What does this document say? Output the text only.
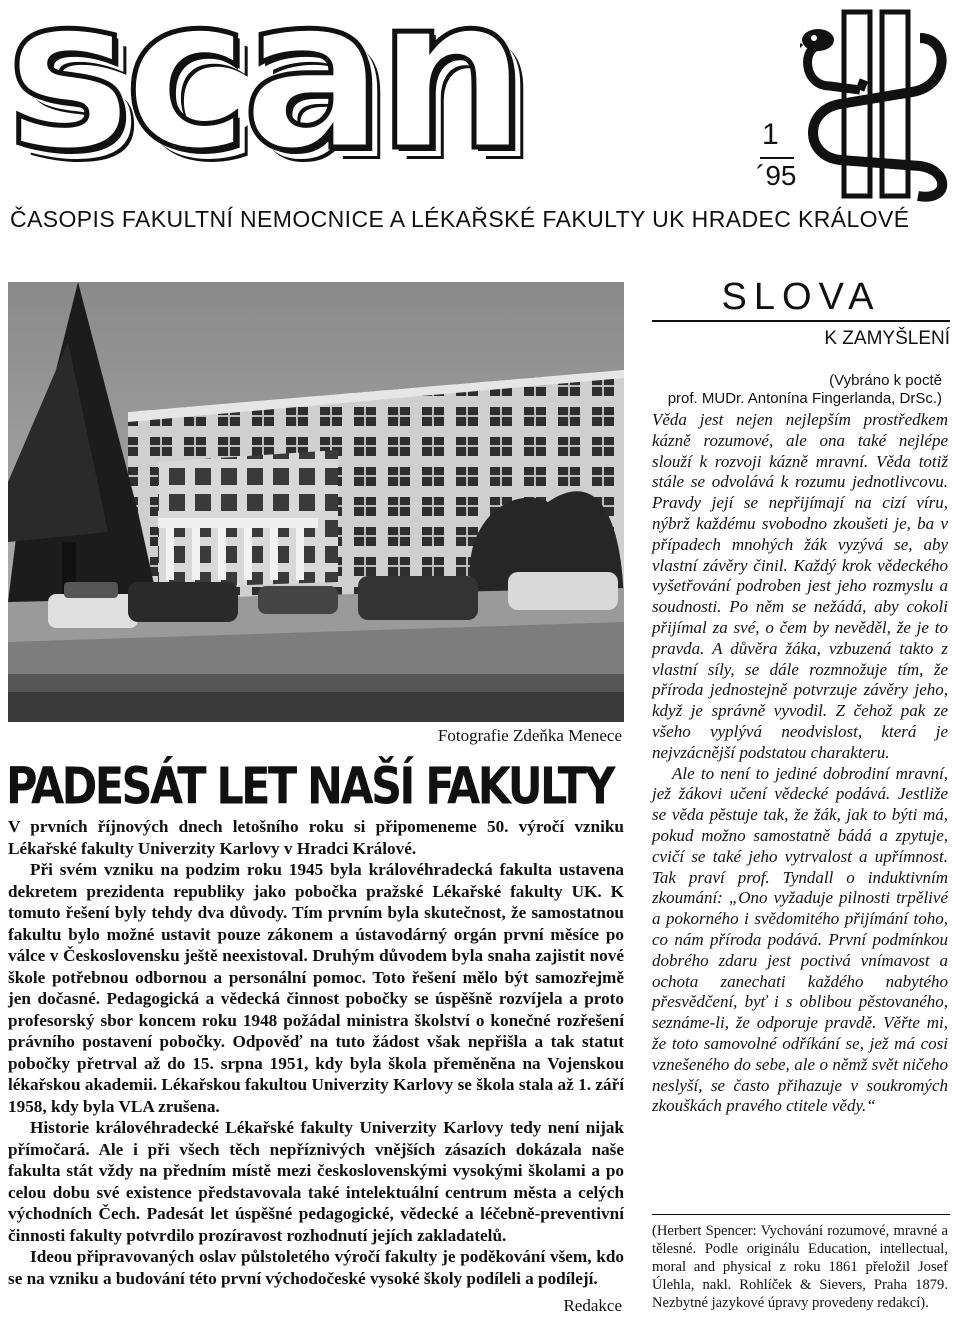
scan	1
´95
ČASOPIS FAKULTNÍ NEMOCNICE A LÉKAŘSKÉ FAKULTY UK HRADEC KRÁLOVÉ
Fotografie Zdeňka Menece
PADESÁT LET NAŠÍ FAKULTY

V prvních říjnových dnech letošního roku si připomeneme 50. výročí vzniku Lékařské fakulty Univerzity Karlovy v Hradci Králové.

Při svém vzniku na podzim roku 1945 byla královéhradecká fakulta ustavena dekretem prezidenta republiky jako pobočka pražské Lékařské fakulty UK. K tomuto řešení byly tehdy dva důvody. Tím prvním byla skutečnost, že samostatnou fakultu bylo možné ustavit pouze zákonem a ústavodárný orgán první měsíce po válce v Československu ještě neexistoval. Druhým důvodem byla snaha zajistit nové škole potřebnou odbornou a personální pomoc. Toto řešení mělo být samozřejmě jen dočasné. Pedagogická a vědecká činnost pobočky se úspěšně rozvíjela a proto profesorský sbor koncem roku 1948 požádal ministra školství o konečné rozřešení právního postavení pobočky. Odpověď na tuto žádost však nepřišla a tak statut pobočky přetrval až do 15. srpna 1951, kdy byla škola přeměněna na Vojenskou lékařskou akademii. Lékařskou fakultou Univerzity Karlovy se škola stala až 1. září 1958, kdy byla VLA zrušena.

Historie královéhradecké Lékařské fakulty Univerzity Karlovy tedy není nijak přímočará. Ale i při všech těch nepříznivých vnějších zásazích dokázala naše fakulta stát vždy na předním místě mezi československými vysokými školami a po celou dobu své existence představovala také intelektuální centrum města a celých východních Čech. Padesát let úspěšné pedagogické, vědecké a léčebně-preventivní činnosti fakulty potvrdilo prozíravost rozhodnutí jejích zakladatelů.

Ideou připravovaných oslav půlstoletého výročí fakulty je poděkování všem, kdo se na vzniku a budování této první východočeské vysoké školy podíleli a podílejí.

Redakce
SLOVA
K ZAMYŠLENÍ
(Vybráno k poctě
prof. MUDr. Antonína Fingerlanda, DrSc.)

Věda jest nejen nejlepším prostředkem kázně rozumové, ale ona také nejlépe slouží k rozvoji kázně mravní. Věda totiž stále se odvolává k rozumu jednotlivcovu. Pravdy její se nepřijímají na cizí víru, nýbrž každému svobodno zkoušeti je, ba v případech mnohých žák vyzývá se, aby vlastní závěry činil. Každý krok vědeckého vyšetřování podroben jest jeho rozmyslu a soudnosti. Po něm se nežádá, aby cokoli přijímal za své, o čem by nevěděl, že je to pravda. A důvěra žáka, vzbuzená takto z vlastní síly, se dále rozmnožuje tím, že příroda jednostejně potvrzuje závěry jeho, když je správně vyvodil. Z čehož pak ze všeho vyplývá neodvislost, která je nejvzácnější podstatou charakteru.

Ale to není to jediné dobrodiní mravní, jež žákovi učení vědecké podává. Jestliže se věda pěstuje tak, že žák, jak to býti má, pokud možno samostatně bádá a zpytuje, cvičí se také jeho vytrvalost a upřímnost. Tak praví prof. Tyndall o induktivním zkoumání: „Ono vyžaduje pilnosti trpělivé a pokorného i svědomitého přijímání toho, co nám příroda podává. První podmínkou dobrého zdaru jest poctivá vnímavost a ochota zanechati každého nabytého přesvědčení, byť i s oblibou pěstovaného, seznáme-li, že odporuje pravdě. Věřte mi, že toto samovolné odříkání se, jež má cosi vznešeného do sebe, ale o němž svět ničeho neslyší, se často přihazuje v soukromých zkouškách pravého ctitele vědy.“

(Herbert Spencer: Vychování rozumové, mravné a tělesné. Podle originálu Education, intellectual, moral and physical z roku 1861 přeložil Josef Úlehla, nakl. Rohlíček & Sievers, Praha 1879. Nezbytné jazykové úpravy provedeny redakcí).
